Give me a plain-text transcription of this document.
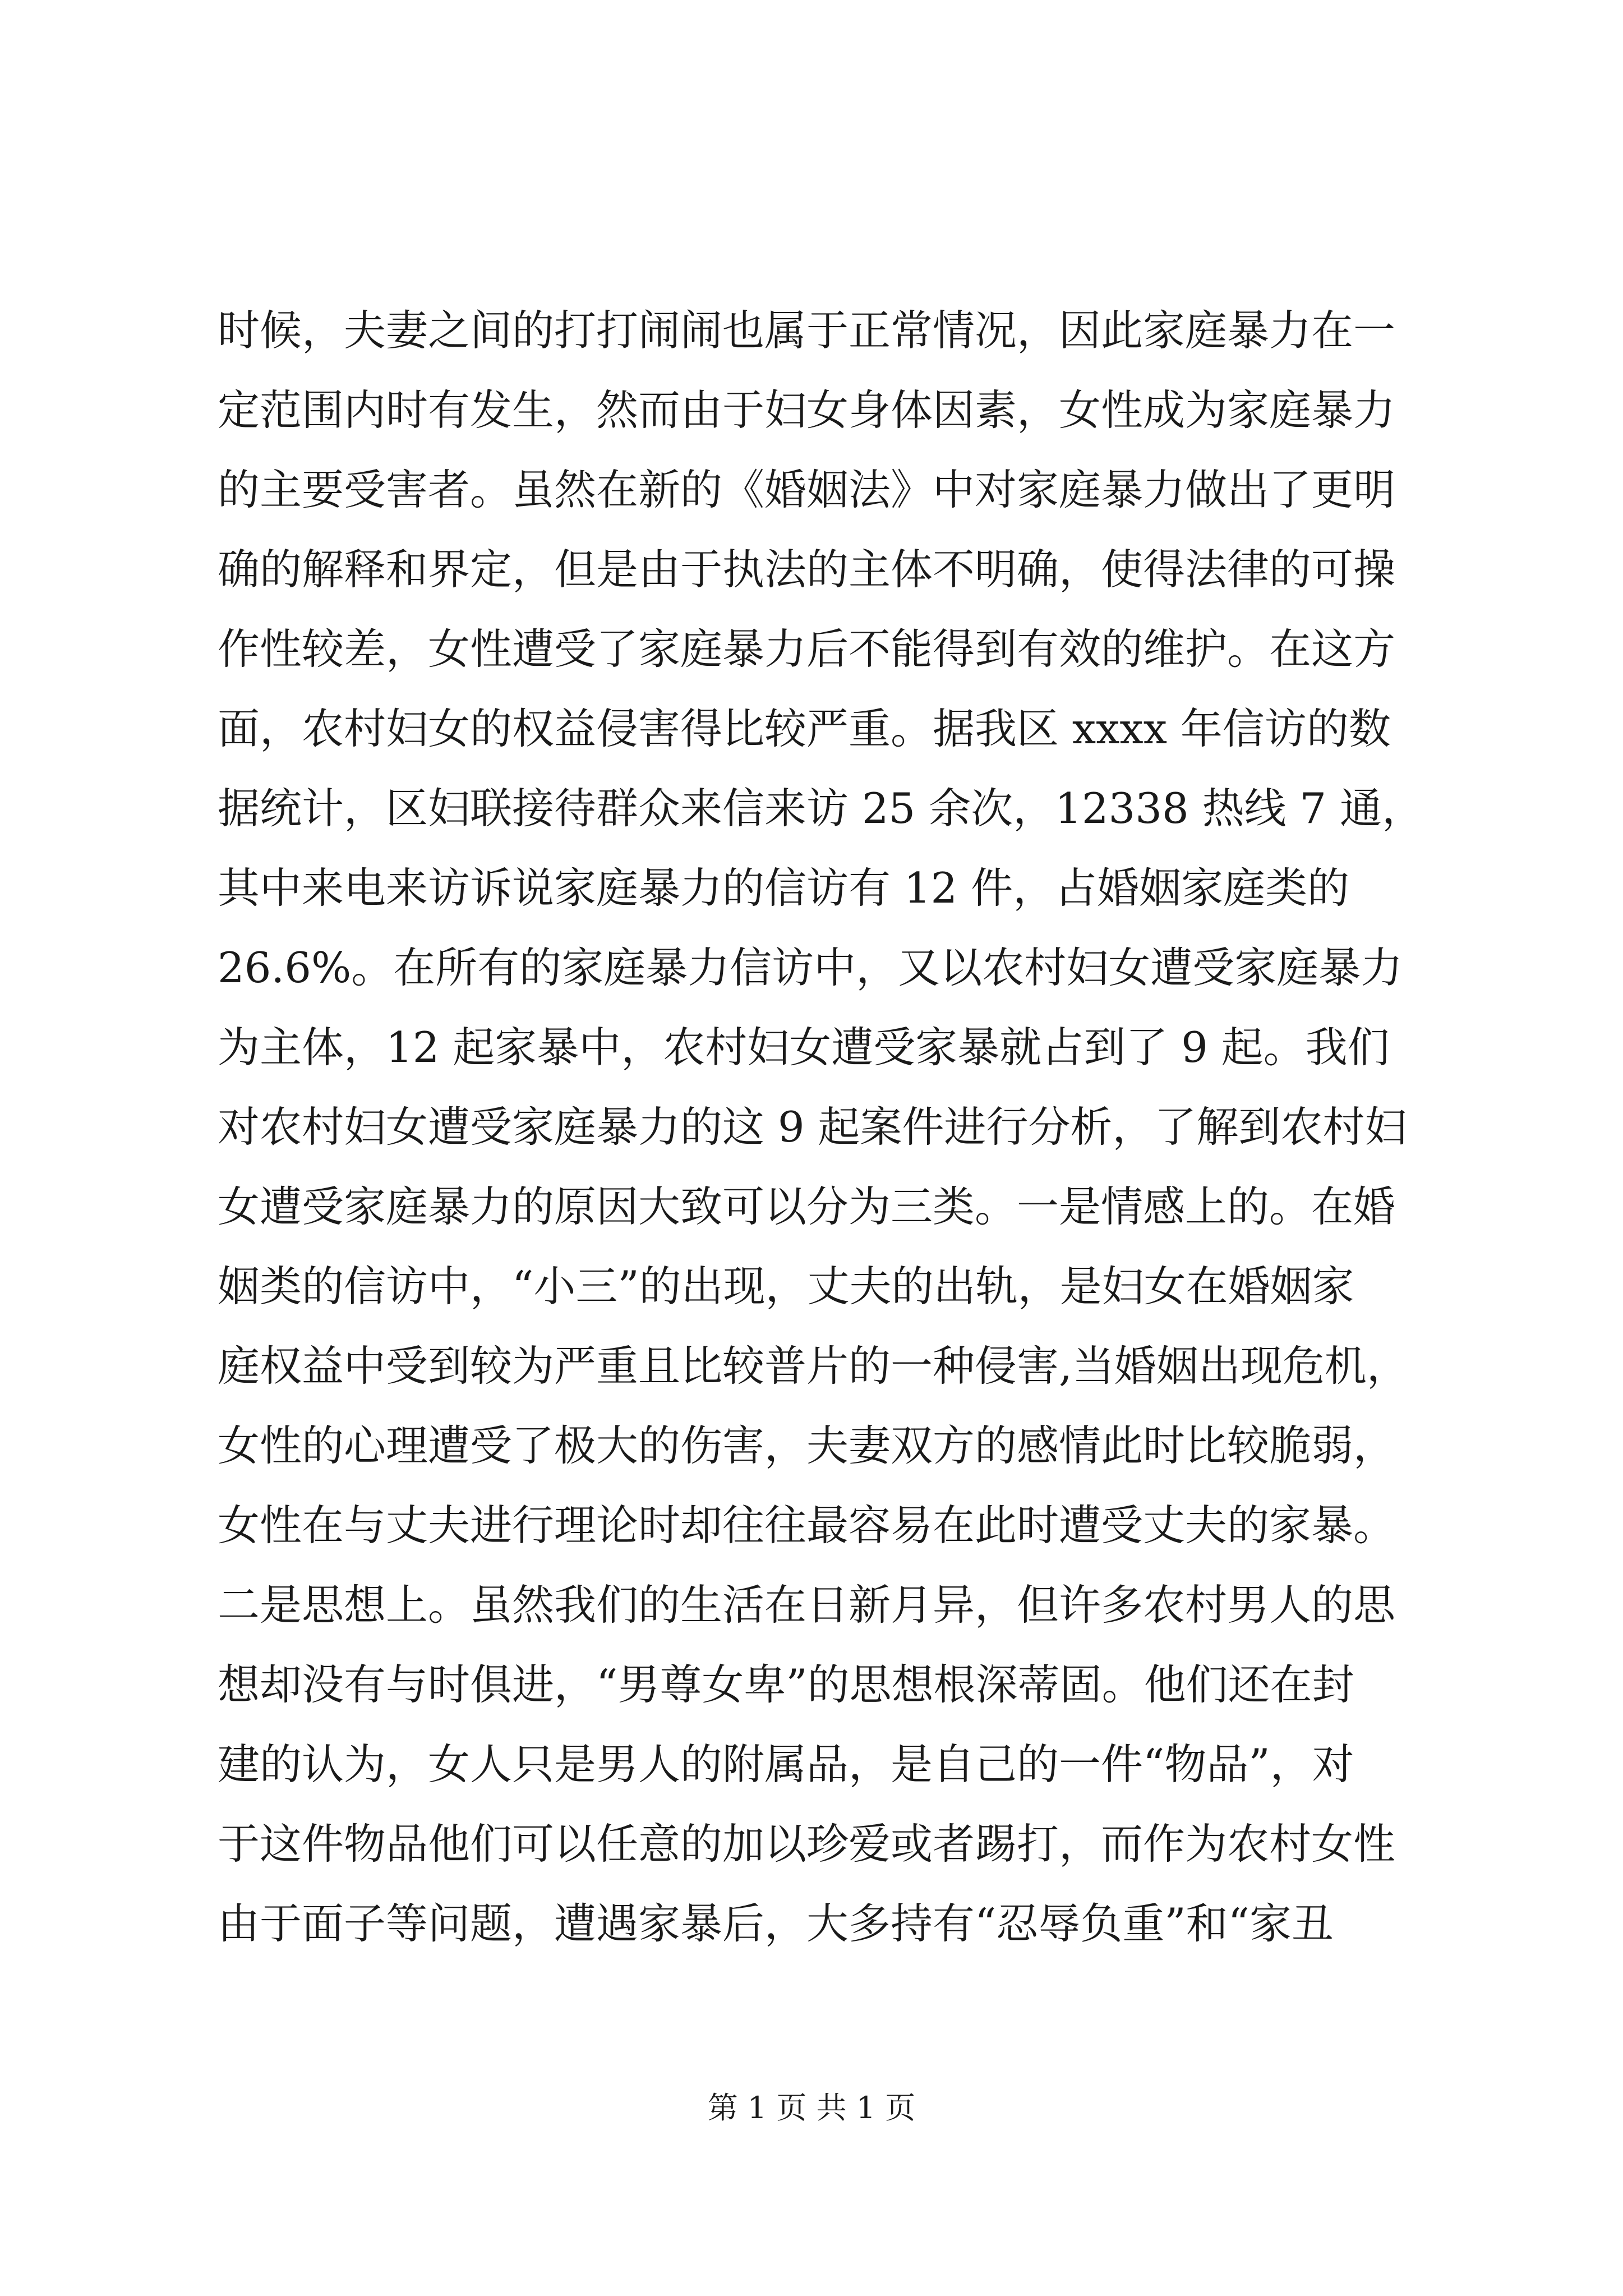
时候，夫妻之间的打打闹闹也属于正常情况，因此家庭暴力在一
定范围内时有发生，然而由于妇女身体因素，女性成为家庭暴力
的主要受害者。虽然在新的《婚姻法》中对家庭暴力做出了更明
确的解释和界定，但是由于执法的主体不明确，使得法律的可操
作性较差，女性遭受了家庭暴力后不能得到有效的维护。在这方
面，农村妇女的权益侵害得比较严重。据我区 xxxx 年信访的数
据统计，区妇联接待群众来信来访 25 余次，12338 热线 7 通，
其中来电来访诉说家庭暴力的信访有 12 件，占婚姻家庭类的
26.6%。在所有的家庭暴力信访中，又以农村妇女遭受家庭暴力
为主体，12 起家暴中，农村妇女遭受家暴就占到了 9 起。我们
对农村妇女遭受家庭暴力的这 9 起案件进行分析，了解到农村妇
女遭受家庭暴力的原因大致可以分为三类。一是情感上的。在婚
姻类的信访中，“小三”的出现，丈夫的出轨，是妇女在婚姻家
庭权益中受到较为严重且比较普片的一种侵害,当婚姻出现危机，
女性的心理遭受了极大的伤害，夫妻双方的感情此时比较脆弱，
女性在与丈夫进行理论时却往往最容易在此时遭受丈夫的家暴。
二是思想上。虽然我们的生活在日新月异，但许多农村男人的思
想却没有与时俱进，“男尊女卑”的思想根深蒂固。他们还在封
建的认为，女人只是男人的附属品，是自己的一件“物品”，对
于这件物品他们可以任意的加以珍爱或者踢打，而作为农村女性
由于面子等问题，遭遇家暴后，大多持有“忍辱负重”和“家丑
第 1 页 共 1 页
